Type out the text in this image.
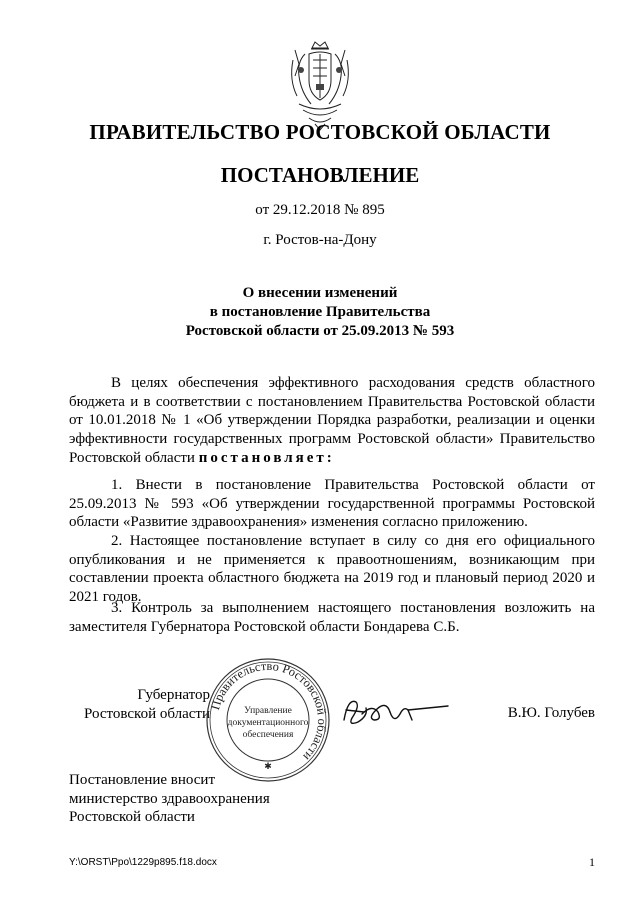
ПРАВИТЕЛЬСТВО РОСТОВСКОЙ ОБЛАСТИ
ПОСТАНОВЛЕНИЕ
от 29.12.2018 № 895
г. Ростов-на-Дону
О внесении изменений
в постановление Правительства
Ростовской области от 25.09.2013 № 593
В целях обеспечения эффективного расходования средств областного бюджета и в соответствии с постановлением Правительства Ростовской области от 10.01.2018 № 1 «Об утверждении Порядка разработки, реализации и оценки эффективности государственных программ Ростовской области» Правительство Ростовской области постановляет:
1. Внести в постановление Правительства Ростовской области от 25.09.2013 № 593 «Об утверждении государственной программы Ростовской области «Развитие здравоохранения» изменения согласно приложению.
2. Настоящее постановление вступает в силу со дня его официального опубликования и не применяется к правоотношениям, возникающим при составлении проекта областного бюджета на 2019 год и плановый период 2020 и 2021 годов.
3. Контроль за выполнением настоящего постановления возложить на заместителя Губернатора Ростовской области Бондарева С.Б.
Губернатор
Ростовской области
Правительство Ростовской области
Управление
документационного
обеспечения
✱
В.Ю. Голубев
Постановление вносит
министерство здравоохранения
Ростовской области
Y:\ORST\Ppo\1229p895.f18.docx	1
